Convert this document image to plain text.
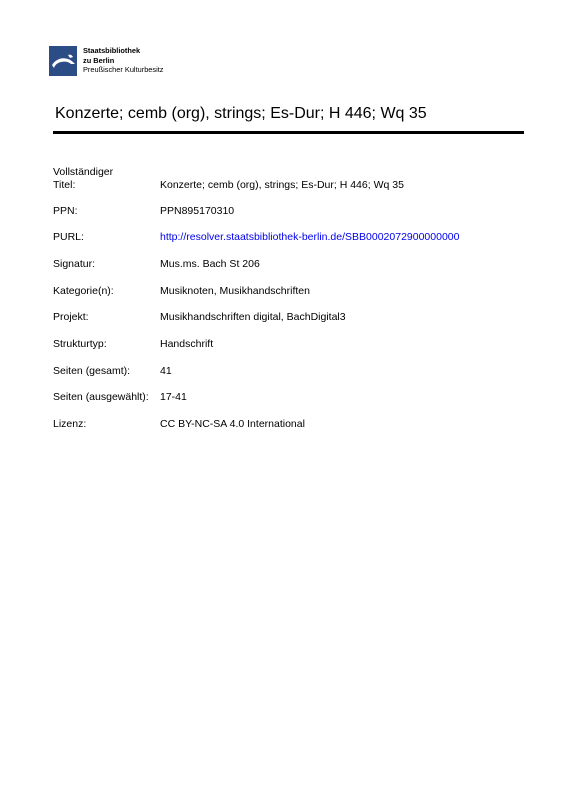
Staatsbibliothek
zu Berlin
Preußischer Kulturbesitz
Konzerte; cemb (org), strings; Es-Dur; H 446; Wq 35
Vollständiger
Titel:	Konzerte; cemb (org), strings; Es-Dur; H 446; Wq 35
PPN:	PPN895170310
PURL:	http://resolver.staatsbibliothek-berlin.de/SBB0002072900000000
Signatur:	Mus.ms. Bach St 206
Kategorie(n):	Musiknoten, Musikhandschriften
Projekt:	Musikhandschriften digital, BachDigital3
Strukturtyp:	Handschrift
Seiten (gesamt):	41
Seiten (ausgewählt): 17-41
Lizenz:	CC BY-NC-SA 4.0 International
